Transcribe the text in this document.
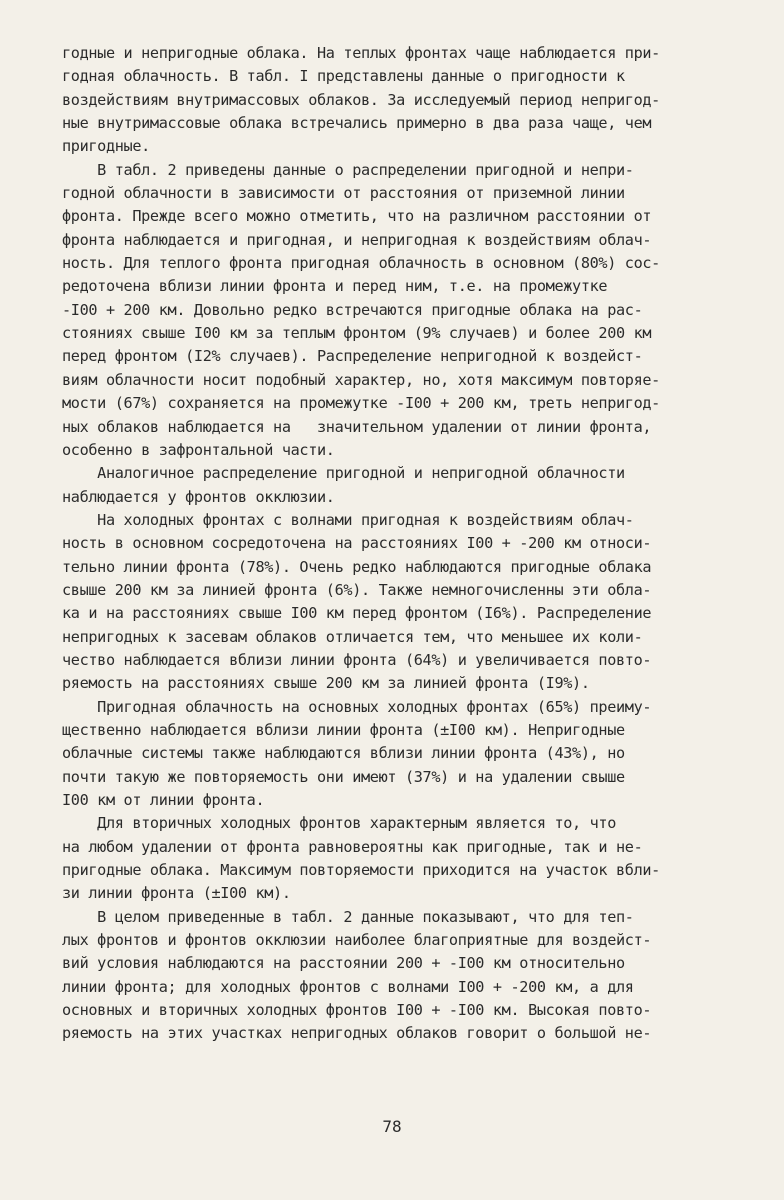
годные и непригодные облака. На теплых фронтах чаще наблюдается при-
годная облачность. В табл. I представлены данные о пригодности к
воздействиям внутримассовых облаков. За исследуемый период непригод-
ные внутримассовые облака встречались примерно в два раза чаще, чем
пригодные.
В табл. 2 приведены данные о распределении пригодной и непри-
годной облачности в зависимости от расстояния от приземной линии
фронта. Прежде всего можно отметить, что на различном расстоянии от
фронта наблюдается и пригодная, и непригодная к воздействиям облач-
ность. Для теплого фронта пригодная облачность в основном (80%) сос-
редоточена вблизи линии фронта и перед ним, т.е. на промежутке
-I00 + 200 км. Довольно редко встречаются пригодные облака на рас-
стояниях свыше I00 км за теплым фронтом (9% случаев) и более 200 км
перед фронтом (I2% случаев). Распределение непригодной к воздейст-
виям облачности носит подобный характер, но, хотя максимум повторяе-
мости (67%) сохраняется на промежутке -I00 + 200 км, треть непригод-
ных облаков наблюдается на   значительном удалении от линии фронта,
особенно в зафронтальной части.
Аналогичное распределение пригодной и непригодной облачности
наблюдается у фронтов окклюзии.
На холодных фронтах с волнами пригодная к воздействиям облач-
ность в основном сосредоточена на расстояниях I00 + -200 км относи-
тельно линии фронта (78%). Очень редко наблюдаются пригодные облака
свыше 200 км за линией фронта (6%). Также немногочисленны эти обла-
ка и на расстояниях свыше I00 км перед фронтом (I6%). Распределение
непригодных к засевам облаков отличается тем, что меньшее их коли-
чество наблюдается вблизи линии фронта (64%) и увеличивается повто-
ряемость на расстояниях свыше 200 км за линией фронта (I9%).
Пригодная облачность на основных холодных фронтах (65%) преиму-
щественно наблюдается вблизи линии фронта (±I00 км). Непригодные
облачные системы также наблюдаются вблизи линии фронта (43%), но
почти такую же повторяемость они имеют (37%) и на удалении свыше
I00 км от линии фронта.
Для вторичных холодных фронтов характерным является то, что
на любом удалении от фронта равновероятны как пригодные, так и не-
пригодные облака. Максимум повторяемости приходится на участок вбли-
зи линии фронта (±I00 км).
В целом приведенные в табл. 2 данные показывают, что для теп-
лых фронтов и фронтов окклюзии наиболее благоприятные для воздейст-
вий условия наблюдаются на расстоянии 200 + -I00 км относительно
линии фронта; для холодных фронтов с волнами I00 + -200 км, а для
основных и вторичных холодных фронтов I00 + -I00 км. Высокая повто-
ряемость на этих участках непригодных облаков говорит о большой не-
78
